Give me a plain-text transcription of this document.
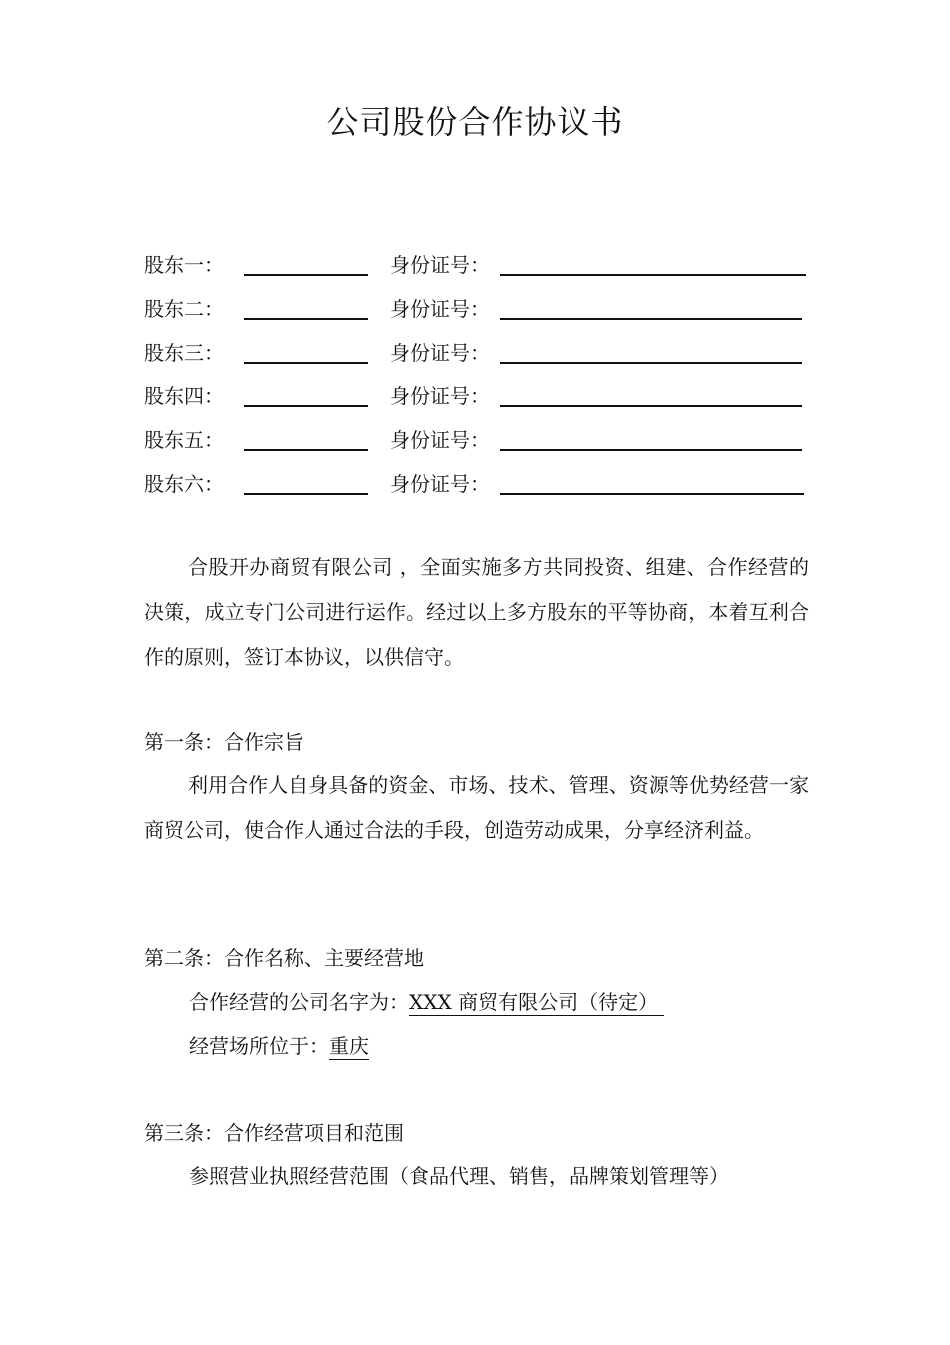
公司股份合作协议书
股东一：	身份证号：
股东二：	身份证号：
股东三：	身份证号：
股东四：	身份证号：
股东五：	身份证号：
股东六：	身份证号：

合股开办商贸有限公司 ，全面实施多方共同投资、组建、合作经营的决策，成立专门公司进行运作。经过以上多方股东的平等协商，本着互利合作的原则，签订本协议，以供信守。

第一条：合作宗旨

利用合作人自身具备的资金、市场、技术、管理、资源等优势经营一家商贸公司，使合作人通过合法的手段，创造劳动成果，分享经济利益。

第二条：合作名称、主要经营地
合作经营的公司名字为：XXX 商贸有限公司（待定）
经营场所位于：重庆
第三条：合作经营项目和范围
参照营业执照经营范围（食品代理、销售，品牌策划管理等）
